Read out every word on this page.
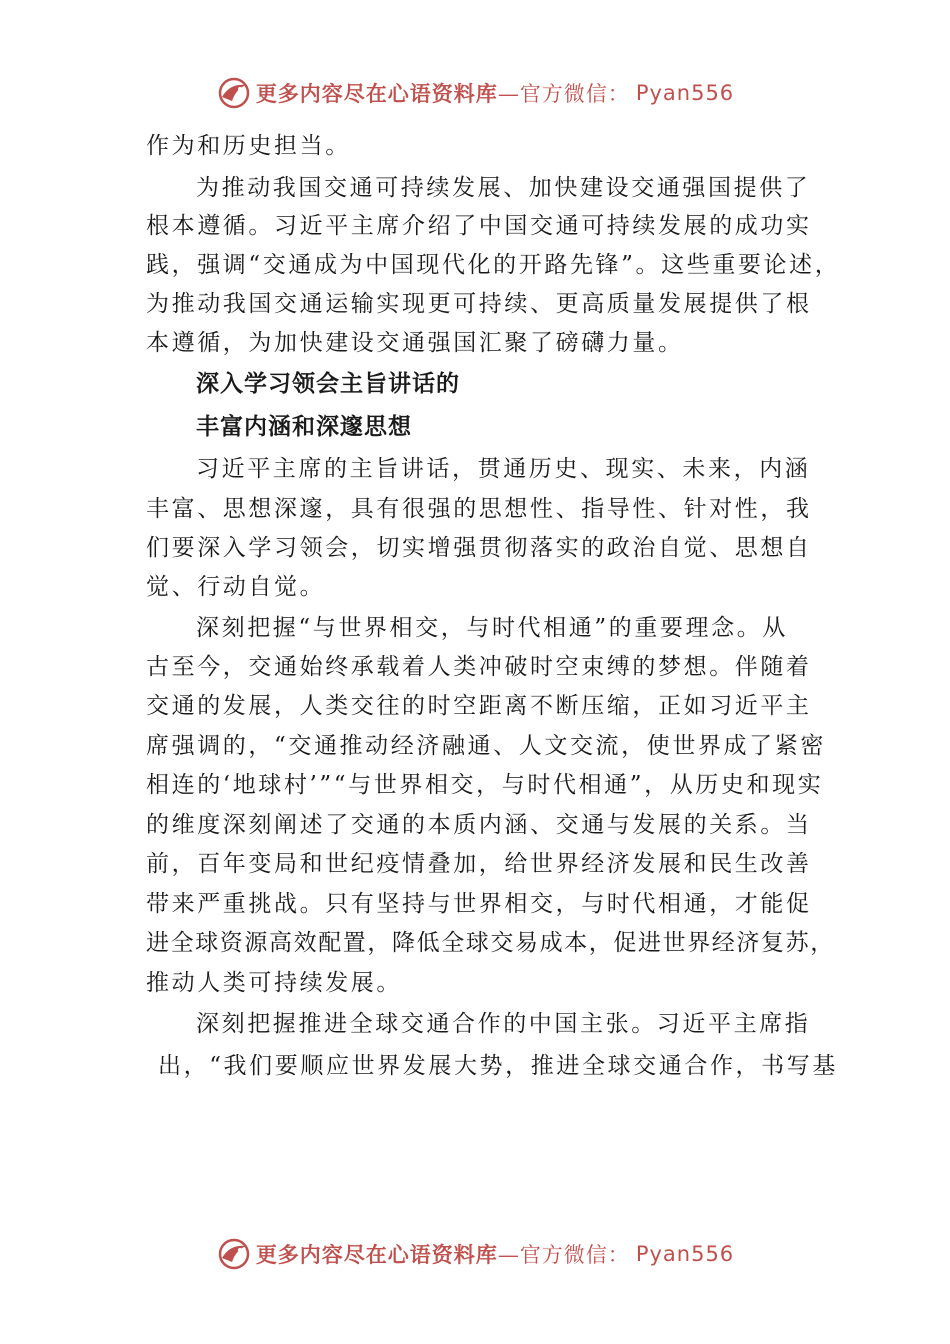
更多内容尽在心语资料库 —官方微信： Pyan556
作为和历史担当。
为推动我国交通可持续发展、加快建设交通强国提供了
根本遵循。习近平主席介绍了中国交通可持续发展的成功实
践，强调“交通成为中国现代化的开路先锋”。这些重要论述，
为推动我国交通运输实现更可持续、更高质量发展提供了根
本遵循，为加快建设交通强国汇聚了磅礴力量。
深入学习领会主旨讲话的
丰富内涵和深邃思想
习近平主席的主旨讲话，贯通历史、现实、未来，内涵
丰富、思想深邃，具有很强的思想性、指导性、针对性，我
们要深入学习领会，切实增强贯彻落实的政治自觉、思想自
觉、行动自觉。
深刻把握“与世界相交，与时代相通”的重要理念。从
古至今，交通始终承载着人类冲破时空束缚的梦想。伴随着
交通的发展，人类交往的时空距离不断压缩，正如习近平主
席强调的，“交通推动经济融通、人文交流，使世界成了紧密
相连的‘地球村’”“与世界相交，与时代相通”，从历史和现实
的维度深刻阐述了交通的本质内涵、交通与发展的关系。当
前，百年变局和世纪疫情叠加，给世界经济发展和民生改善
带来严重挑战。只有坚持与世界相交，与时代相通，才能促
进全球资源高效配置，降低全球交易成本，促进世界经济复苏，
推动人类可持续发展。
深刻把握推进全球交通合作的中国主张。习近平主席指
出，“我们要顺应世界发展大势，推进全球交通合作，书写基
更多内容尽在心语资料库 —官方微信： Pyan556
